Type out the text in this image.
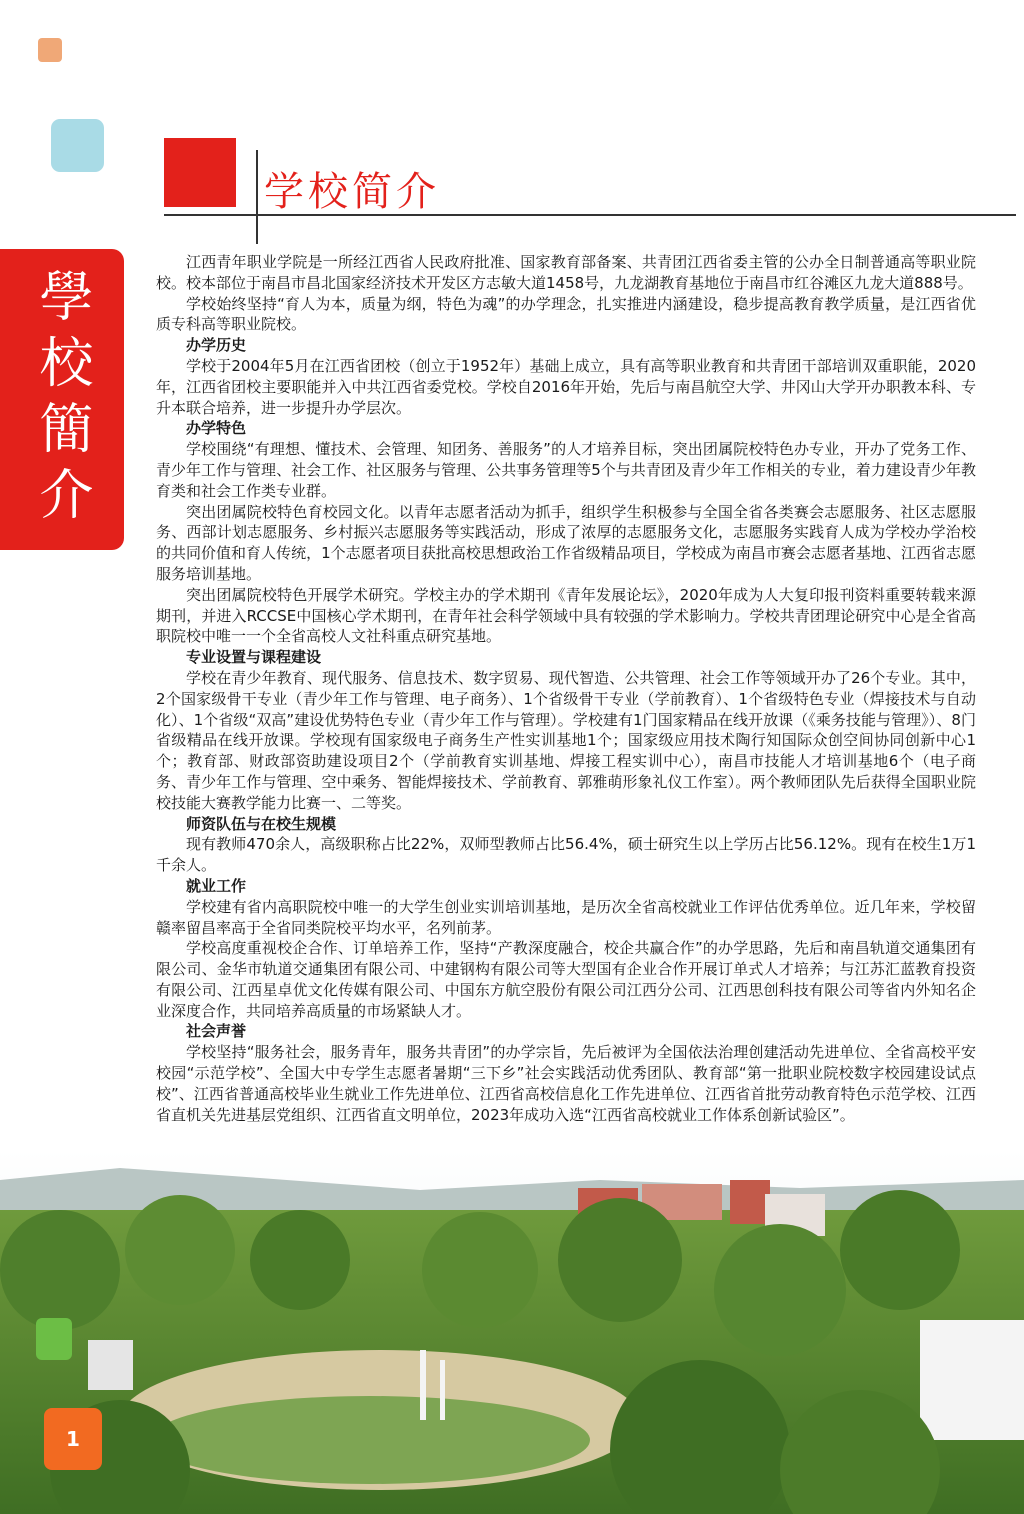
學校簡介
学校简介

江西青年职业学院是一所经江西省人民政府批准、国家教育部备案、共青团江西省委主管的公办全日制普通高等职业院校。校本部位于南昌市昌北国家经济技术开发区方志敏大道1458号，九龙湖教育基地位于南昌市红谷滩区九龙大道888号。

学校始终坚持“育人为本，质量为纲，特色为魂”的办学理念，扎实推进内涵建设，稳步提高教育教学质量，是江西省优质专科高等职业院校。

办学历史

学校于2004年5月在江西省团校（创立于1952年）基础上成立，具有高等职业教育和共青团干部培训双重职能，2020年，江西省团校主要职能并入中共江西省委党校。学校自2016年开始，先后与南昌航空大学、井冈山大学开办职教本科、专升本联合培养，进一步提升办学层次。

办学特色

学校围绕“有理想、懂技术、会管理、知团务、善服务”的人才培养目标，突出团属院校特色办专业，开办了党务工作、青少年工作与管理、社会工作、社区服务与管理、公共事务管理等5个与共青团及青少年工作相关的专业，着力建设青少年教育类和社会工作类专业群。

突出团属院校特色育校园文化。以青年志愿者活动为抓手，组织学生积极参与全国全省各类赛会志愿服务、社区志愿服务、西部计划志愿服务、乡村振兴志愿服务等实践活动，形成了浓厚的志愿服务文化，志愿服务实践育人成为学校办学治校的共同价值和育人传统，1个志愿者项目获批高校思想政治工作省级精品项目，学校成为南昌市赛会志愿者基地、江西省志愿服务培训基地。

突出团属院校特色开展学术研究。学校主办的学术期刊《青年发展论坛》，2020年成为人大复印报刊资料重要转载来源期刊，并进入RCCSE中国核心学术期刊，在青年社会科学领域中具有较强的学术影响力。学校共青团理论研究中心是全省高职院校中唯一一个全省高校人文社科重点研究基地。

专业设置与课程建设

学校在青少年教育、现代服务、信息技术、数字贸易、现代智造、公共管理、社会工作等领域开办了26个专业。其中，2个国家级骨干专业（青少年工作与管理、电子商务）、1个省级骨干专业（学前教育）、1个省级特色专业（焊接技术与自动化）、1个省级“双高”建设优势特色专业（青少年工作与管理）。学校建有1门国家精品在线开放课（《乘务技能与管理》）、8门省级精品在线开放课。学校现有国家级电子商务生产性实训基地1个；国家级应用技术陶行知国际众创空间协同创新中心1个；教育部、财政部资助建设项目2个（学前教育实训基地、焊接工程实训中心），南昌市技能人才培训基地6个（电子商务、青少年工作与管理、空中乘务、智能焊接技术、学前教育、郭雅萌形象礼仪工作室）。两个教师团队先后获得全国职业院校技能大赛教学能力比赛一、二等奖。

师资队伍与在校生规模

现有教师470余人，高级职称占比22%，双师型教师占比56.4%，硕士研究生以上学历占比56.12%。现有在校生1万1千余人。

就业工作

学校建有省内高职院校中唯一的大学生创业实训培训基地，是历次全省高校就业工作评估优秀单位。近几年来，学校留赣率留昌率高于全省同类院校平均水平，名列前茅。

学校高度重视校企合作、订单培养工作，坚持“产教深度融合，校企共赢合作”的办学思路，先后和南昌轨道交通集团有限公司、金华市轨道交通集团有限公司、中建钢构有限公司等大型国有企业合作开展订单式人才培养；与江苏汇蓝教育投资有限公司、江西星卓优文化传媒有限公司、中国东方航空股份有限公司江西分公司、江西思创科技有限公司等省内外知名企业深度合作，共同培养高质量的市场紧缺人才。

社会声誉

学校坚持“服务社会，服务青年，服务共青团”的办学宗旨，先后被评为全国依法治理创建活动先进单位、全省高校平安校园“示范学校”、全国大中专学生志愿者暑期“三下乡”社会实践活动优秀团队、教育部“第一批职业院校数字校园建设试点校”、江西省普通高校毕业生就业工作先进单位、江西省高校信息化工作先进单位、江西省首批劳动教育特色示范学校、江西省直机关先进基层党组织、江西省直文明单位，2023年成功入选“江西省高校就业工作体系创新试验区”。

1
